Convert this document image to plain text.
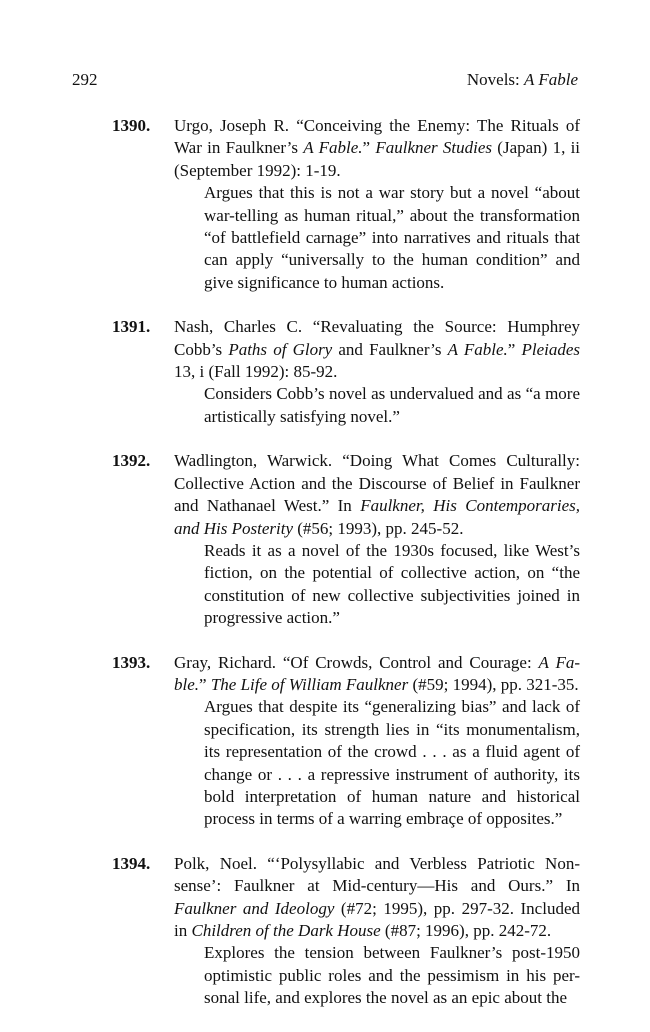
292	Novels: A Fable
1390. Urgo, Joseph R. “Conceiving the Enemy: The Rituals of War in Faulkner’s A Fable.” Faulkner Studies (Japan) 1, ii (September 1992): 1-19.
Argues that this is not a war story but a novel “about war-telling as human ritual,” about the transformation “of battlefield carnage” into narratives and rituals that can apply “universally to the human condition” and give significance to human actions.
1391. Nash, Charles C. “Revaluating the Source: Humphrey Cobb’s Paths of Glory and Faulkner’s A Fable.” Pleiades 13, i (Fall 1992): 85-92.
Considers Cobb’s novel as undervalued and as “a more artistically satisfying novel.”
1392. Wadlington, Warwick. “Doing What Comes Culturally: Collective Action and the Discourse of Belief in Faulkner and Nathanael West.” In Faulkner, His Contemporaries, and His Posterity (#56; 1993), pp. 245-52.
Reads it as a novel of the 1930s focused, like West’s fiction, on the potential of collective action, on “the constitution of new collective subjectivities joined in progressive action.”
1393. Gray, Richard. “Of Crowds, Control and Courage: A Fa-ble.” The Life of William Faulkner (#59; 1994), pp. 321-35.
Argues that despite its “generalizing bias” and lack of specification, its strength lies in “its monumentalism, its representation of the crowd . . . as a fluid agent of change or . . . a repressive instrument of authority, its bold interpretation of human nature and historical process in terms of a warring embraçe of opposites.”
1394. Polk, Noel. “‘Polysyllabic and Verbless Patriotic Non-sense’: Faulkner at Mid-century—His and Ours.” In Faulkner and Ideology (#72; 1995), pp. 297-32. Included in Children of the Dark House (#87; 1996), pp. 242-72.
Explores the tension between Faulkner’s post-1950 optimistic public roles and the pessimism in his per-sonal life, and explores the novel as an epic about the
